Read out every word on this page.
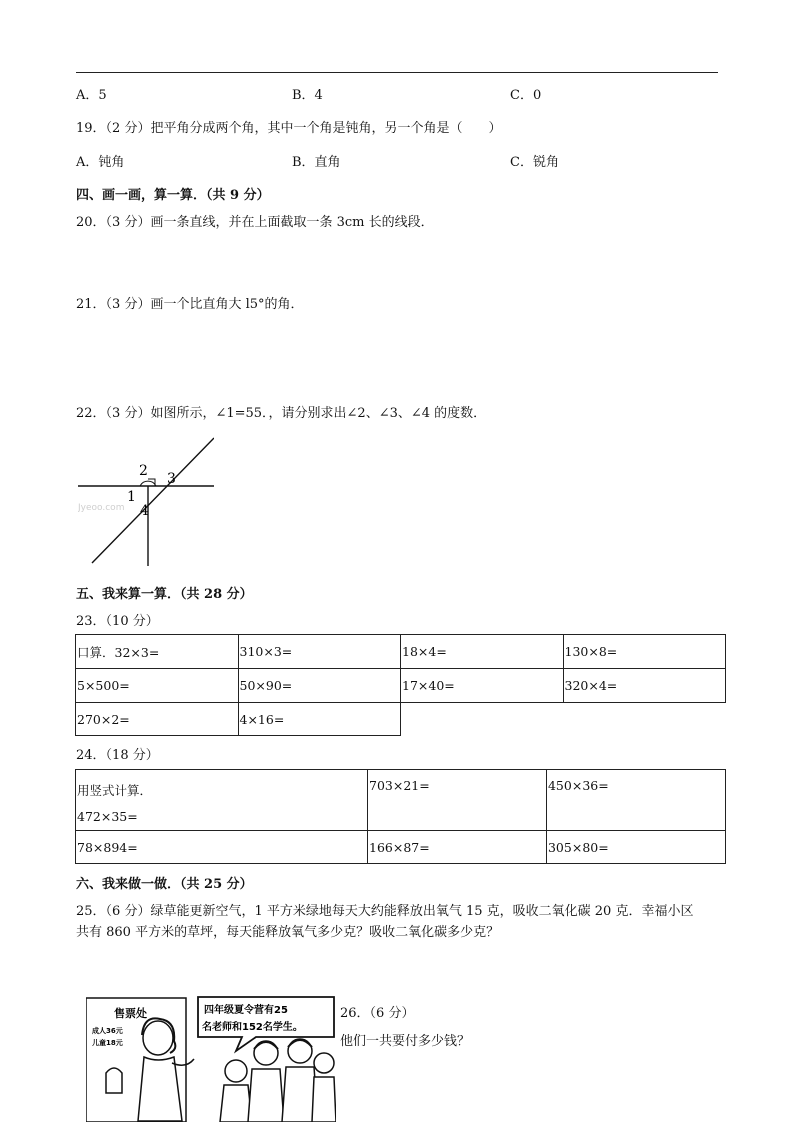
A．5	B．4	C．0
19．（2 分）把平角分成两个角，其中一个角是钝角，另一个角是（　　）
A．钝角	B．直角	C．锐角
四、画一画，算一算．（共 9 分）
20．（3 分）画一条直线，并在上面截取一条 3cm 长的线段．
21．（3 分）画一个比直角大 l5°的角．
22．（3 分）如图所示，∠1=55．，请分别求出∠2、∠3、∠4 的度数．
2 3
1
4
Jyeoo.com
五、我来算一算．（共 28 分）
23．（10 分）
口算．32×3=	310×3=	18×4=	130×8=
5×500=	50×90=	17×40=	320×4=
270×2=	4×16=		
24．（18 分）
用竖式计算．
472×35=	703×21=	450×36=
78×894=	166×87=	305×80=
六、我来做一做．（共 25 分）
25．（6 分）绿草能更新空气，1 平方米绿地每天大约能释放出氧气 15 克，吸收二氧化碳 20 克．幸福小区
共有 860 平方米的草坪，每天能释放氧气多少克？吸收二氧化碳多少克？
26．（6 分）
他们一共要付多少钱？
售票处
成人36元
儿童18元
四年级夏令营有25
名老师和152名学生。
